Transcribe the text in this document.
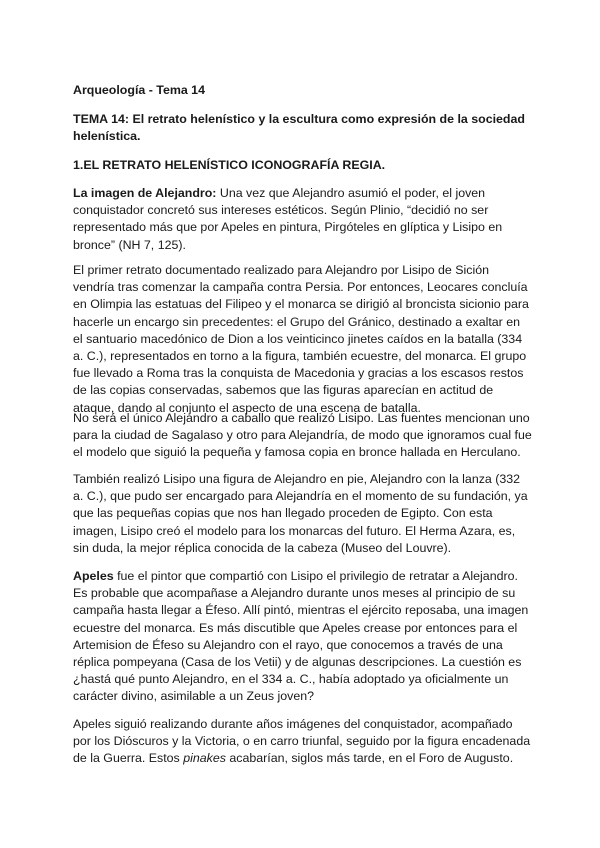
Arqueología - Tema 14

TEMA 14: El retrato helenístico y la escultura como expresión de la sociedad helenística.

1.EL RETRATO HELENÍSTICO ICONOGRAFÍA REGIA.

La imagen de Alejandro: Una vez que Alejandro asumió el poder, el joven conquistador concretó sus intereses estéticos. Según Plinio, “decidió no ser representado más que por Apeles en pintura, Pirgóteles en glíptica y Lisipo en bronce” (NH 7, 125).

El primer retrato documentado realizado para Alejandro por Lisipo de Sición vendría tras comenzar la campaña contra Persia. Por entonces, Leocares concluía en Olimpia las estatuas del Filipeo y el monarca se dirigió al broncista sicionio para hacerle un encargo sin precedentes: el Grupo del Gránico, destinado a exaltar en el santuario macedónico de Dion a los veinticinco jinetes caídos en la batalla (334 a. C.), representados en torno a la figura, también ecuestre, del monarca. El grupo fue llevado a Roma tras la conquista de Macedonia y gracias a los escasos restos de las copias conservadas, sabemos que las figuras aparecían en actitud de ataque, dando al conjunto el aspecto de una escena de batalla.

No será el único Alejandro a caballo que realizó Lisipo. Las fuentes mencionan uno para la ciudad de Sagalaso y otro para Alejandría, de modo que ignoramos cual fue el modelo que siguió la pequeña y famosa copia en bronce hallada en Herculano.

También realizó Lisipo una figura de Alejandro en pie, Alejandro con la lanza (332 a. C.), que pudo ser encargado para Alejandría en el momento de su fundación, ya que las pequeñas copias que nos han llegado proceden de Egipto. Con esta imagen, Lisipo creó el modelo para los monarcas del futuro. El Herma Azara, es, sin duda, la mejor réplica conocida de la cabeza (Museo del Louvre).

Apeles fue el pintor que compartió con Lisipo el privilegio de retratar a Alejandro. Es probable que acompañase a Alejandro durante unos meses al principio de su campaña hasta llegar a Éfeso. Allí pintó, mientras el ejército reposaba, una imagen ecuestre del monarca. Es más discutible que Apeles crease por entonces para el Artemision de Éfeso su Alejandro con el rayo, que conocemos a través de una réplica pompeyana (Casa de los Vetii) y de algunas descripciones. La cuestión es ¿hastá qué punto Alejandro, en el 334 a. C., había adoptado ya oficialmente un carácter divino, asimilable a un Zeus joven?

Apeles siguió realizando durante años imágenes del conquistador, acompañado por los Dióscuros y la Victoria, o en carro triunfal, seguido por la figura encadenada de la Guerra. Estos pinakes acabarían, siglos más tarde, en el Foro de Augusto.
